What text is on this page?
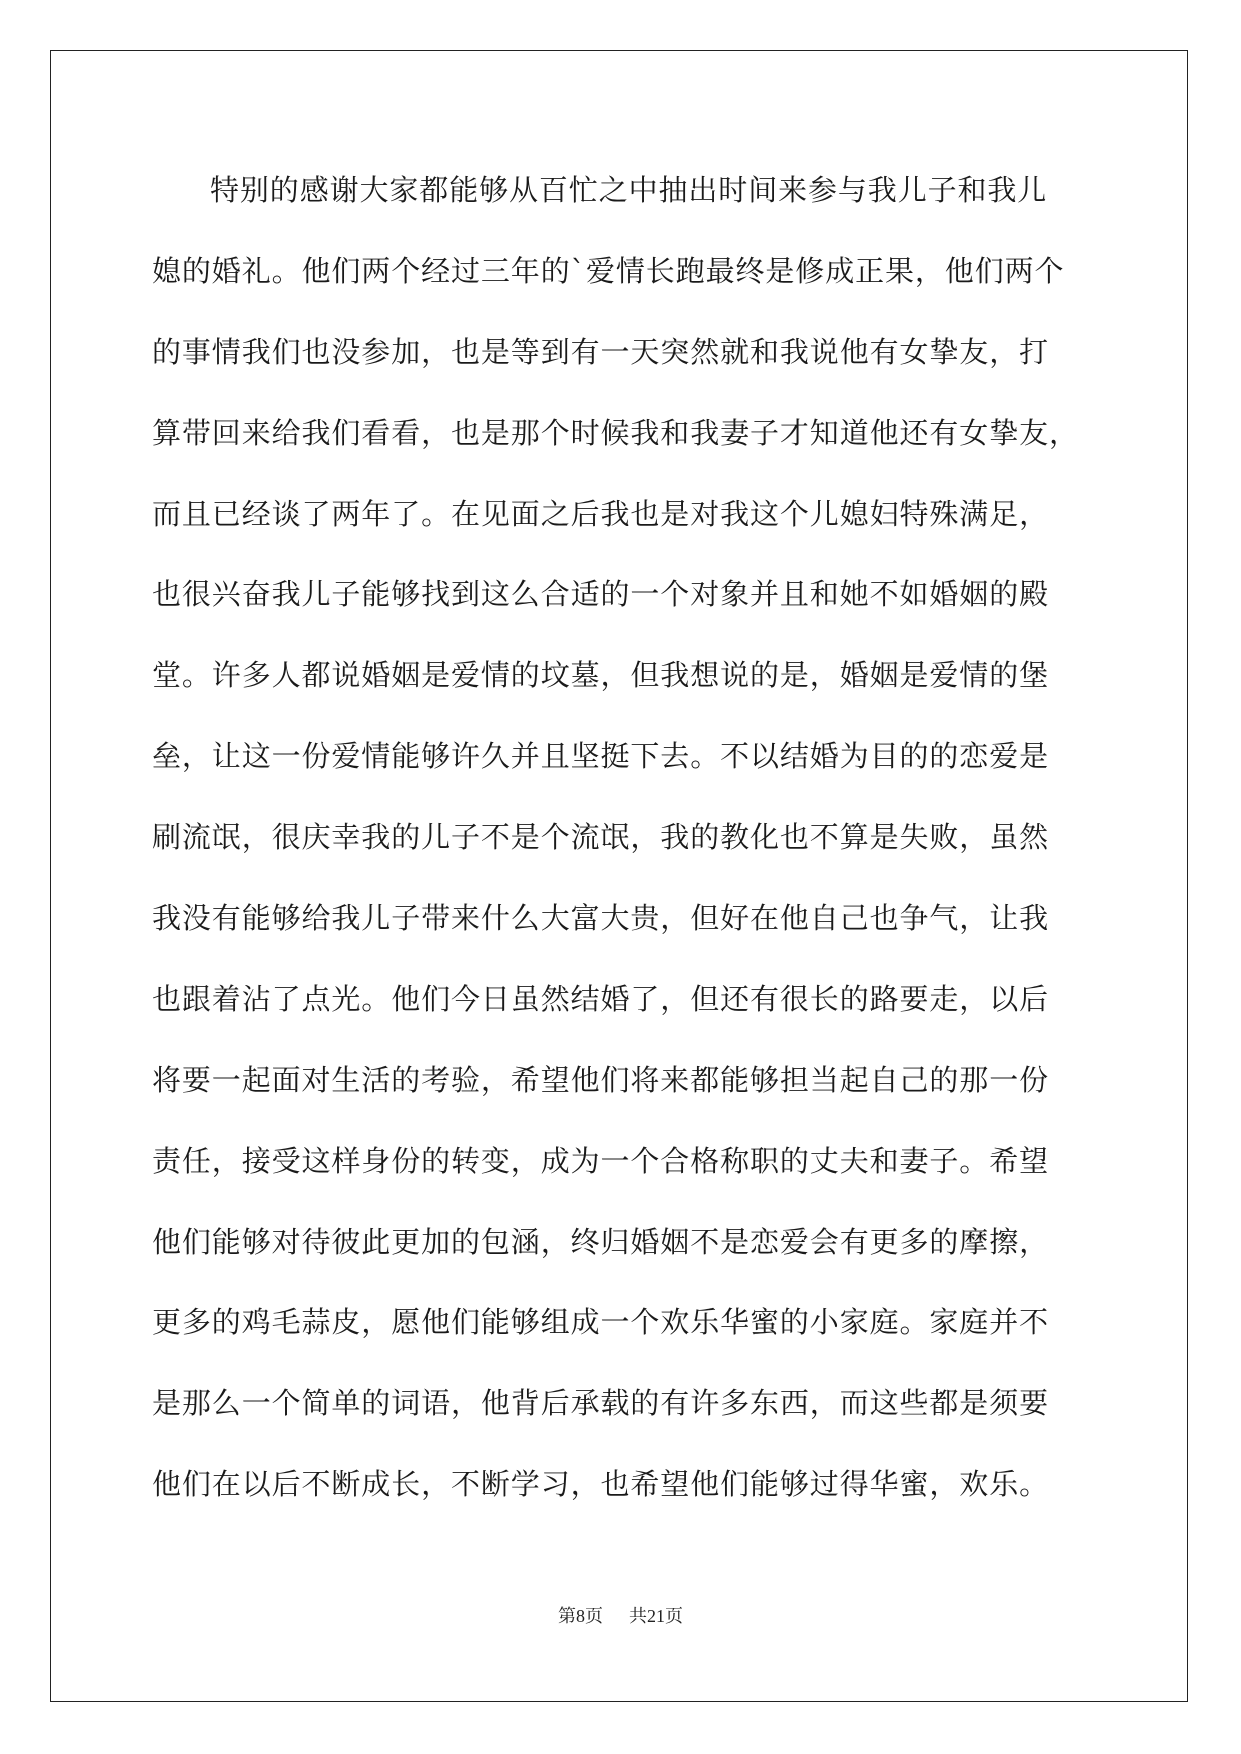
特别的感谢大家都能够从百忙之中抽出时间来参与我儿子和我儿
媳的婚礼。他们两个经过三年的`爱情长跑最终是修成正果，他们两个
的事情我们也没参加，也是等到有一天突然就和我说他有女挚友，打
算带回来给我们看看，也是那个时候我和我妻子才知道他还有女挚友，
而且已经谈了两年了。在见面之后我也是对我这个儿媳妇特殊满足，
也很兴奋我儿子能够找到这么合适的一个对象并且和她不如婚姻的殿
堂。许多人都说婚姻是爱情的坟墓，但我想说的是，婚姻是爱情的堡
垒，让这一份爱情能够许久并且坚挺下去。不以结婚为目的的恋爱是
刷流氓，很庆幸我的儿子不是个流氓，我的教化也不算是失败，虽然
我没有能够给我儿子带来什么大富大贵，但好在他自己也争气，让我
也跟着沾了点光。他们今日虽然结婚了，但还有很长的路要走，以后
将要一起面对生活的考验，希望他们将来都能够担当起自己的那一份
责任，接受这样身份的转变，成为一个合格称职的丈夫和妻子。希望
他们能够对待彼此更加的包涵，终归婚姻不是恋爱会有更多的摩擦，
更多的鸡毛蒜皮，愿他们能够组成一个欢乐华蜜的小家庭。家庭并不
是那么一个简单的词语，他背后承载的有许多东西，而这些都是须要
他们在以后不断成长，不断学习，也希望他们能够过得华蜜，欢乐。
第8页 共21页
